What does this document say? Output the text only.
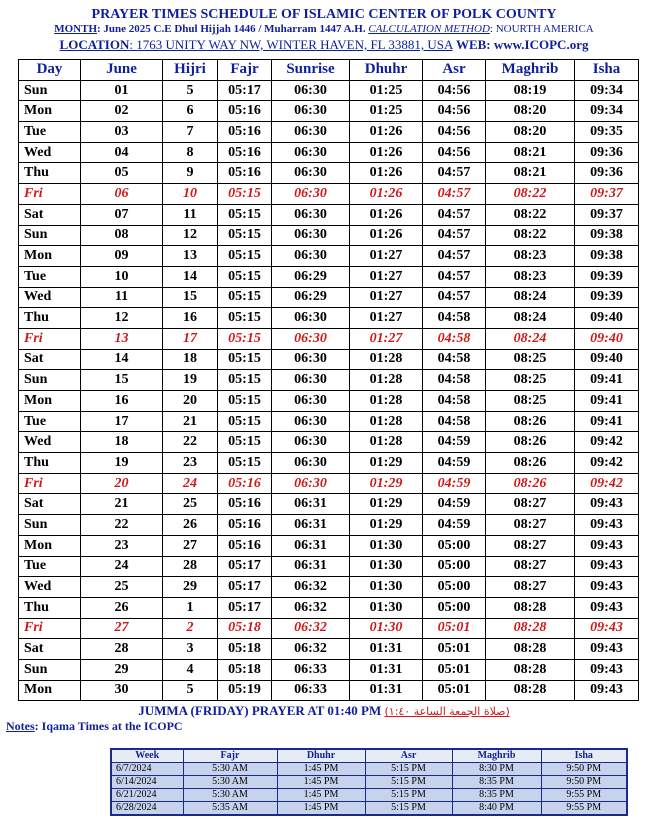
PRAYER TIMES SCHEDULE OF ISLAMIC CENTER OF POLK COUNTY
MONTH: June 2025 C.E Dhul Hijjah 1446 / Muharram 1447 A.H. CALCULATION METHOD: NOURTH AMERICA
LOCATION: 1763 UNITY WAY NW, WINTER HAVEN, FL 33881, USA WEB: www.ICOPC.org
Day	June	Hijri	Fajr	Sunrise	Dhuhr	Asr	Maghrib	Isha
Sun	01	5	05:17	06:30	01:25	04:56	08:19	09:34
Mon	02	6	05:16	06:30	01:25	04:56	08:20	09:34
Tue	03	7	05:16	06:30	01:26	04:56	08:20	09:35
Wed	04	8	05:16	06:30	01:26	04:56	08:21	09:36
Thu	05	9	05:16	06:30	01:26	04:57	08:21	09:36
Fri	06	10	05:15	06:30	01:26	04:57	08:22	09:37
Sat	07	11	05:15	06:30	01:26	04:57	08:22	09:37
Sun	08	12	05:15	06:30	01:26	04:57	08:22	09:38
Mon	09	13	05:15	06:30	01:27	04:57	08:23	09:38
Tue	10	14	05:15	06:29	01:27	04:57	08:23	09:39
Wed	11	15	05:15	06:29	01:27	04:57	08:24	09:39
Thu	12	16	05:15	06:30	01:27	04:58	08:24	09:40
Fri	13	17	05:15	06:30	01:27	04:58	08:24	09:40
Sat	14	18	05:15	06:30	01:28	04:58	08:25	09:40
Sun	15	19	05:15	06:30	01:28	04:58	08:25	09:41
Mon	16	20	05:15	06:30	01:28	04:58	08:25	09:41
Tue	17	21	05:15	06:30	01:28	04:58	08:26	09:41
Wed	18	22	05:15	06:30	01:28	04:59	08:26	09:42
Thu	19	23	05:15	06:30	01:29	04:59	08:26	09:42
Fri	20	24	05:16	06:30	01:29	04:59	08:26	09:42
Sat	21	25	05:16	06:31	01:29	04:59	08:27	09:43
Sun	22	26	05:16	06:31	01:29	04:59	08:27	09:43
Mon	23	27	05:16	06:31	01:30	05:00	08:27	09:43
Tue	24	28	05:17	06:31	01:30	05:00	08:27	09:43
Wed	25	29	05:17	06:32	01:30	05:00	08:27	09:43
Thu	26	1	05:17	06:32	01:30	05:00	08:28	09:43
Fri	27	2	05:18	06:32	01:30	05:01	08:28	09:43
Sat	28	3	05:18	06:32	01:31	05:01	08:28	09:43
Sun	29	4	05:18	06:33	01:31	05:01	08:28	09:43
Mon	30	5	05:19	06:33	01:31	05:01	08:28	09:43
JUMMA (FRIDAY) PRAYER AT 01:40 PM (صلاة الجمعة الساعة ١:٤٠)
Notes: Iqama Times at the ICOPC
Week	Fajr	Dhuhr	Asr	Maghrib	Isha
6/7/2024	5:30 AM	1:45 PM	5:15 PM	8:30 PM	9:50 PM
6/14/2024	5:30 AM	1:45 PM	5:15 PM	8:35 PM	9:50 PM
6/21/2024	5:30 AM	1:45 PM	5:15 PM	8:35 PM	9:55 PM
6/28/2024	5:35 AM	1:45 PM	5:15 PM	8:40 PM	9:55 PM
